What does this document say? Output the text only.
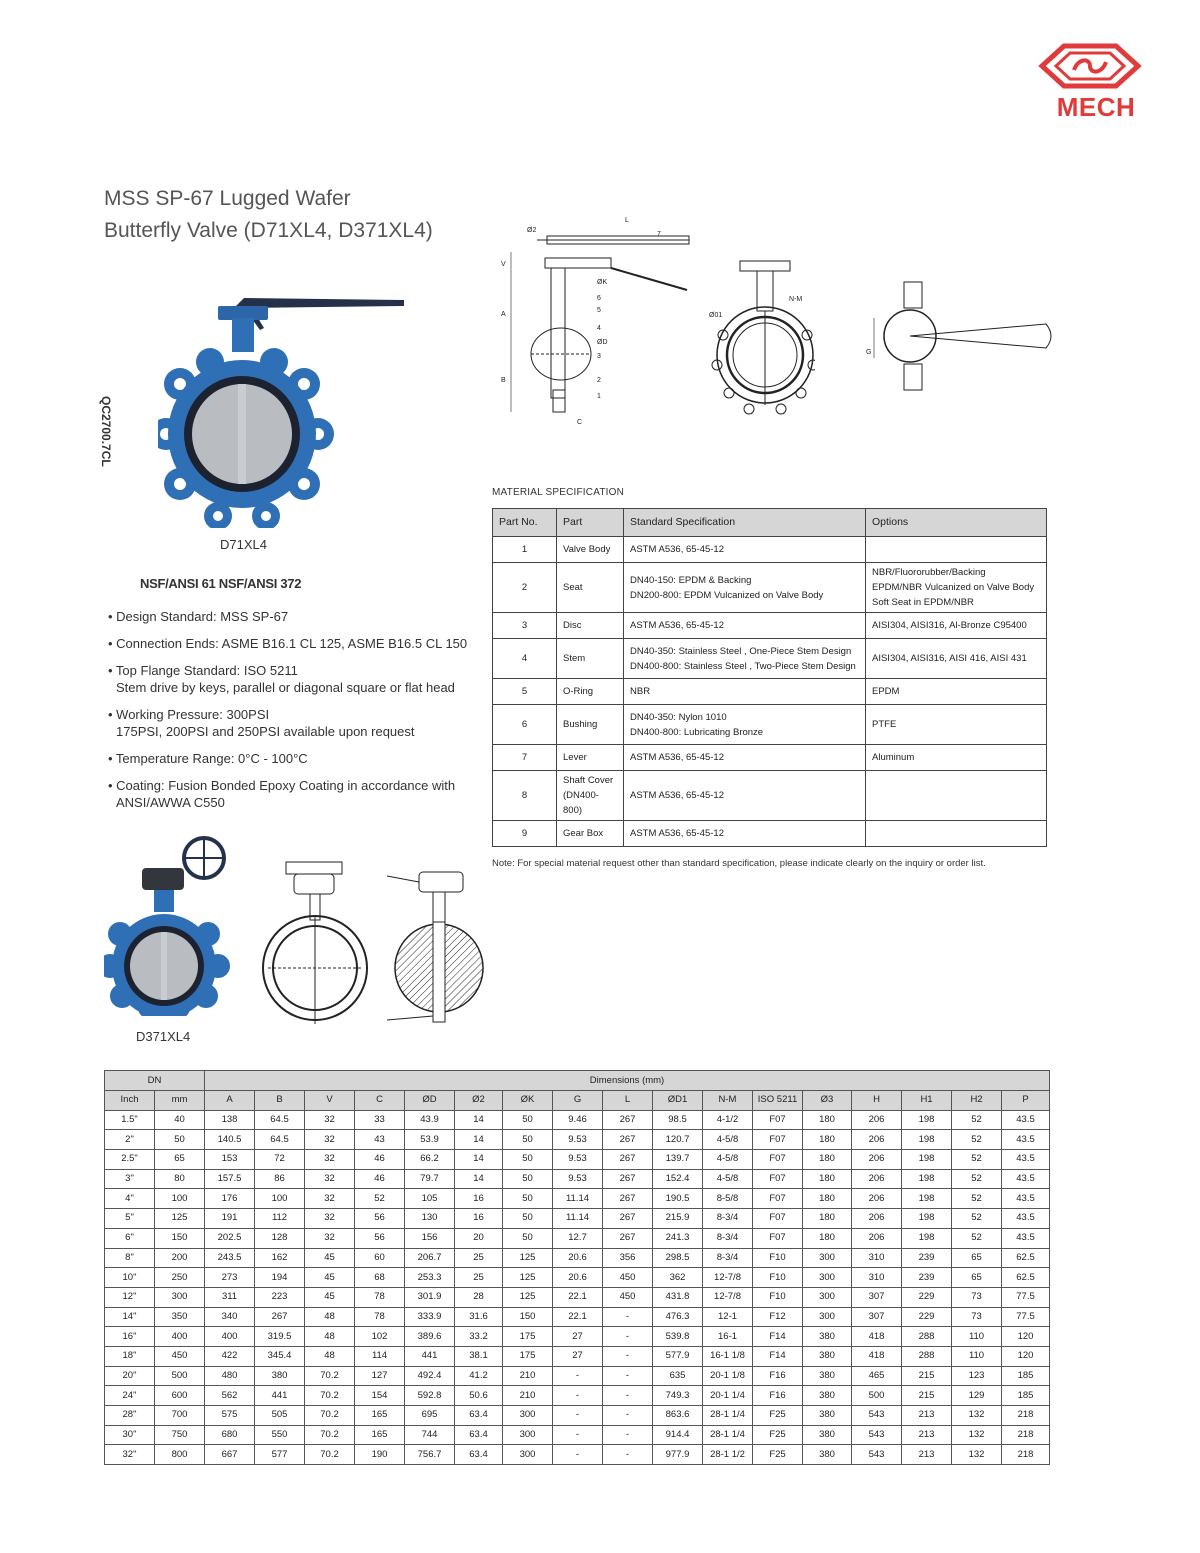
MECH
MSS SP-67 Lugged Wafer
Butterfly Valve (D71XL4, D371XL4)
QC2700.7CL
D71XL4
NSF/ANSI 61 NSF/ANSI 372
• Design Standard: MSS SP-67
• Connection Ends: ASME B16.1 CL 125, ASME B16.5 CL 150
• Top Flange Standard: ISO 5211
Stem drive by keys, parallel or diagonal square or flat head
• Working Pressure: 300PSI
175PSI, 200PSI and 250PSI available upon request
• Temperature Range: 0°C - 100°C
• Coating: Fusion Bonded Epoxy Coating in accordance with
ANSI/AWWA C550
Ø2
L
7
V
ØK
6
5
A
4
ØD
3
B	2
1
C
Ø01
N-M
G
MATERIAL SPECIFICATION
Part No.	Part	Standard Specification	Options
1	Valve Body	ASTM A536, 65-45-12	
2	Seat	DN40-150: EPDM & Backing
DN200-800: EPDM Vulcanized on Valve Body	NBR/Fluororubber/Backing
EPDM/NBR Vulcanized on Valve Body
Soft Seat in EPDM/NBR
3	Disc	ASTM A536, 65-45-12	AISI304, AISI316, Al-Bronze C95400
4	Stem	DN40-350: Stainless Steel , One-Piece Stem Design
DN400-800: Stainless Steel , Two-Piece Stem Design	AISI304, AISI316, AISI 416, AISI 431
5	O-Ring	NBR	EPDM
6	Bushing	DN40-350: Nylon 1010
DN400-800: Lubricating Bronze	PTFE
7	Lever	ASTM A536, 65-45-12	Aluminum
8	Shaft Cover
(DN400-800)	ASTM A536, 65-45-12	
9	Gear Box	ASTM A536, 65-45-12	
Note: For special material request other than standard specification, please indicate clearly on the inquiry or order list.
D371XL4
DN		Dimensions (mm)																
Inch	mm	A	B	V	C	ØD	Ø2	ØK	G	L	ØD1	N-M	ISO 5211	Ø3	H	H1	H2	P
1.5"	40	138	64.5	32	33	43.9	14	50	9.46	267	98.5	4-1/2	F07	180	206	198	52	43.5
2"	50	140.5	64.5	32	43	53.9	14	50	9.53	267	120.7	4-5/8	F07	180	206	198	52	43.5
2.5"	65	153	72	32	46	66.2	14	50	9.53	267	139.7	4-5/8	F07	180	206	198	52	43.5
3"	80	157.5	86	32	46	79.7	14	50	9.53	267	152.4	4-5/8	F07	180	206	198	52	43.5
4"	100	176	100	32	52	105	16	50	11.14	267	190.5	8-5/8	F07	180	206	198	52	43.5
5"	125	191	112	32	56	130	16	50	11.14	267	215.9	8-3/4	F07	180	206	198	52	43.5
6"	150	202.5	128	32	56	156	20	50	12.7	267	241.3	8-3/4	F07	180	206	198	52	43.5
8"	200	243.5	162	45	60	206.7	25	125	20.6	356	298.5	8-3/4	F10	300	310	239	65	62.5
10"	250	273	194	45	68	253.3	25	125	20.6	450	362	12-7/8	F10	300	310	239	65	62.5
12"	300	311	223	45	78	301.9	28	125	22.1	450	431.8	12-7/8	F10	300	307	229	73	77.5
14"	350	340	267	48	78	333.9	31.6	150	22.1	-	476.3	12-1	F12	300	307	229	73	77.5
16"	400	400	319.5	48	102	389.6	33.2	175	27	-	539.8	16-1	F14	380	418	288	110	120
18"	450	422	345.4	48	114	441	38.1	175	27	-	577.9	16-1 1/8	F14	380	418	288	110	120
20"	500	480	380	70.2	127	492.4	41.2	210	-	-	635	20-1 1/8	F16	380	465	215	123	185
24"	600	562	441	70.2	154	592.8	50.6	210	-	-	749.3	20-1 1/4	F16	380	500	215	129	185
28"	700	575	505	70.2	165	695	63.4	300	-	-	863.6	28-1 1/4	F25	380	543	213	132	218
30"	750	680	550	70.2	165	744	63.4	300	-	-	914.4	28-1 1/4	F25	380	543	213	132	218
32"	800	667	577	70.2	190	756.7	63.4	300	-	-	977.9	28-1 1/2	F25	380	543	213	132	218
